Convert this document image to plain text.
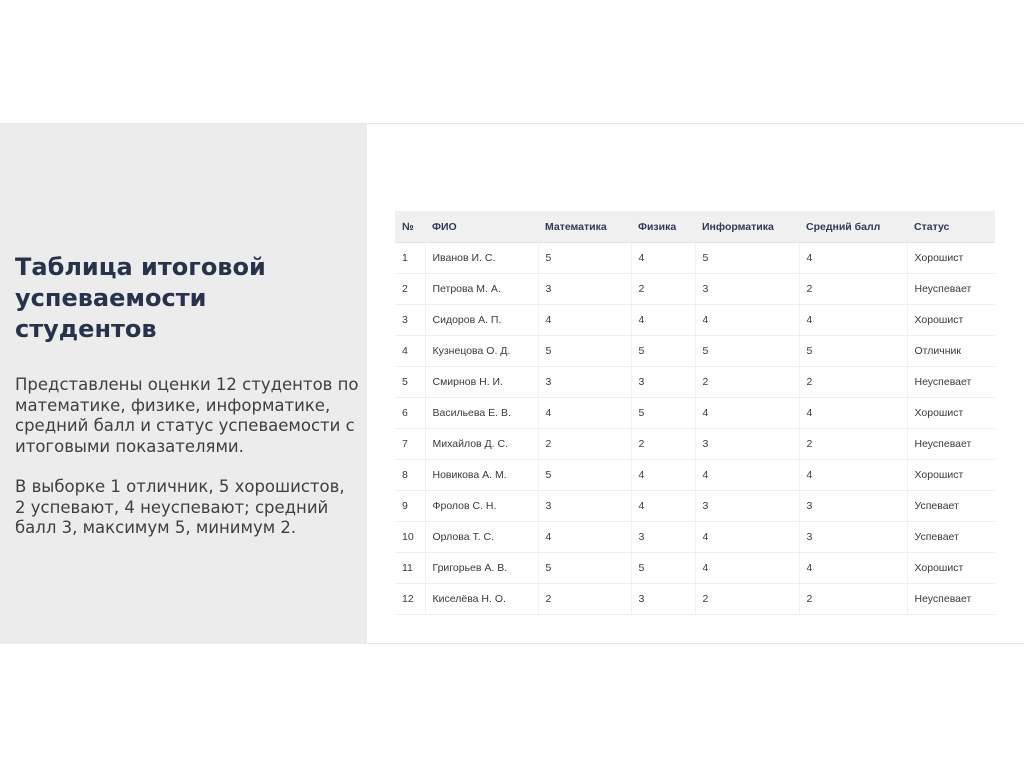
Таблица итоговой успеваемости студентов

Представлены оценки 12 студентов по математике, физике, информатике, средний балл и статус успеваемости с итоговыми показателями.

В выборке 1 отличник, 5 хорошистов, 2 успевают, 4 неуспевают; средний балл 3, максимум 5, минимум 2.

№	ФИО	Математика	Физика	Информатика	Средний балл	Статус
1	Иванов И. С.	5	4	5	4	Хорошист
2	Петрова М. А.	3	2	3	2	Неуспевает
3	Сидоров А. П.	4	4	4	4	Хорошист
4	Кузнецова О. Д.	5	5	5	5	Отличник
5	Смирнов Н. И.	3	3	2	2	Неуспевает
6	Васильева Е. В.	4	5	4	4	Хорошист
7	Михайлов Д. С.	2	2	3	2	Неуспевает
8	Новикова А. М.	5	4	4	4	Хорошист
9	Фролов С. Н.	3	4	3	3	Успевает
10	Орлова Т. С.	4	3	4	3	Успевает
11	Григорьев А. В.	5	5	4	4	Хорошист
12	Киселёва Н. О.	2	3	2	2	Неуспевает
